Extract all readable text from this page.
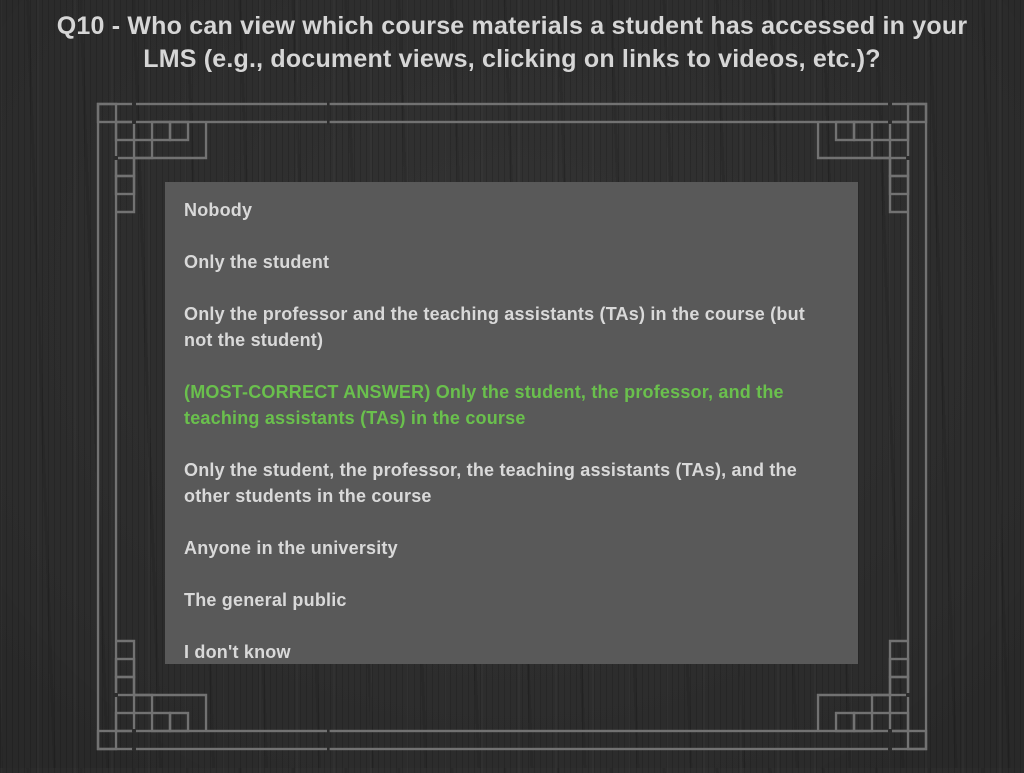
Q10 - Who can view which course materials a student has accessed in your LMS (e.g., document views, clicking on links to videos, etc.)?

Nobody

Only the student

Only the professor and the teaching assistants (TAs) in the course (but not the student)

(MOST-CORRECT ANSWER) Only the student, the professor, and the teaching assistants (TAs) in the course

Only the student, the professor, the teaching assistants (TAs), and the other students in the course

Anyone in the university

The general public

I don't know
